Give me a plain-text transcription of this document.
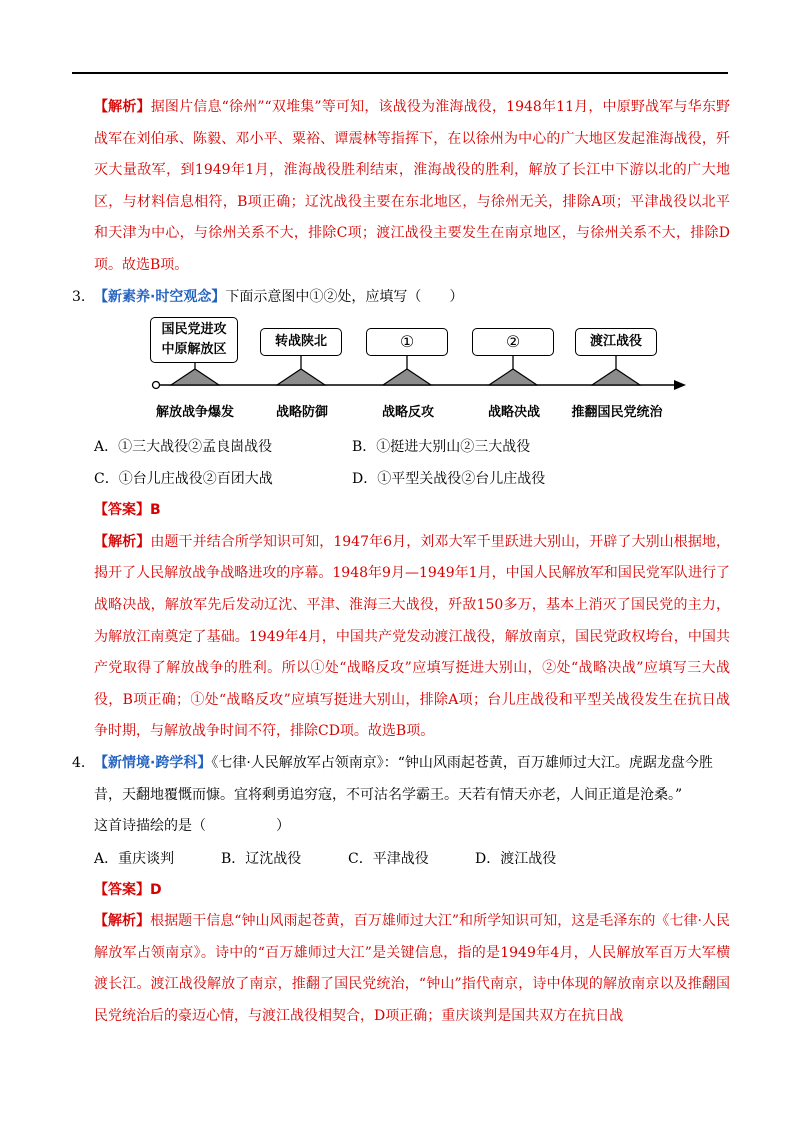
【解析】据图片信息“徐州”“双堆集”等可知，该战役为淮海战役，1948年11月，中原野战军与华东野战军在刘伯承、陈毅、邓小平、粟裕、谭震林等指挥下，在以徐州为中心的广大地区发起淮海战役，歼灭大量敌军，到1949年1月，淮海战役胜利结束，淮海战役的胜利，解放了长江中下游以北的广大地区，与材料信息相符，B项正确；辽沈战役主要在东北地区，与徐州无关，排除A项；平津战役以北平和天津为中心，与徐州关系不大，排除C项；渡江战役主要发生在南京地区，与徐州关系不大，排除D项。故选B项。

3. 【新素养·时空观念】下面示意图中①②处，应填写（　　）
国民党进攻
中原解放区
转战陕北	①	②	渡江战役
解放战争爆发	战略防御	战略反攻	战略决战	推翻国民党统治
A．①三大战役②孟良崮战役	B．①挺进大别山②三大战役
C．①台儿庄战役②百团大战	D．①平型关战役②台儿庄战役

【答案】B

【解析】由题干并结合所学知识可知，1947年6月，刘邓大军千里跃进大别山，开辟了大别山根据地，揭开了人民解放战争战略进攻的序幕。1948年9月—1949年1月，中国人民解放军和国民党军队进行了战略决战，解放军先后发动辽沈、平津、淮海三大战役，歼敌150多万，基本上消灭了国民党的主力，为解放江南奠定了基础。1949年4月，中国共产党发动渡江战役，解放南京，国民党政权垮台，中国共产党取得了解放战争的胜利。所以①处“战略反攻”应填写挺进大别山，②处“战略决战”应填写三大战役，B项正确；①处“战略反攻”应填写挺进大别山，排除A项；台儿庄战役和平型关战役发生在抗日战争时期，与解放战争时间不符，排除CD项。故选B项。

4. 【新情境·跨学科】《七律·人民解放军占领南京》：“钟山风雨起苍黄，百万雄师过大江。虎踞龙盘今胜昔，天翻地覆慨而慷。宜将剩勇追穷寇，不可沽名学霸王。天若有情天亦老，人间正道是沧桑。”
这首诗描绘的是（　　　　　）
A．重庆谈判	B．辽沈战役	C．平津战役	D．渡江战役

【答案】D

【解析】根据题干信息“钟山风雨起苍黄，百万雄师过大江”和所学知识可知，这是毛泽东的《七律·人民解放军占领南京》。诗中的“百万雄师过大江”是关键信息，指的是1949年4月，人民解放军百万大军横渡长江。渡江战役解放了南京，推翻了国民党统治，“钟山”指代南京，诗中体现的解放南京以及推翻国民党统治后的豪迈心情，与渡江战役相契合，D项正确；重庆谈判是国共双方在抗日战
